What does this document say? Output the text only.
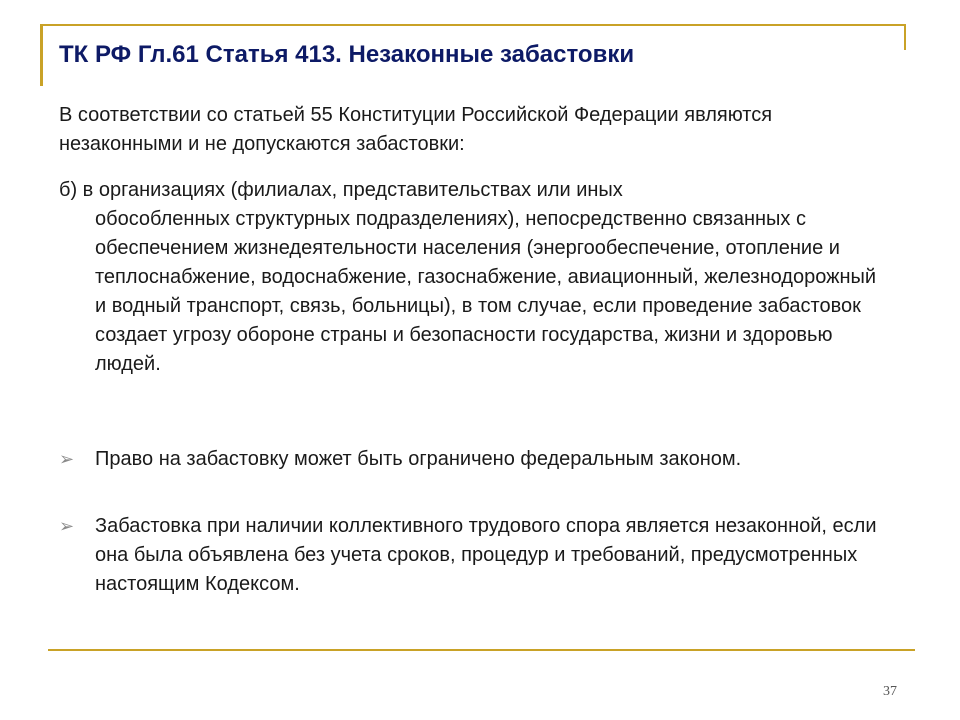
ТК РФ Гл.61 Статья 413. Незаконные забастовки
В соответствии со статьей 55 Конституции Российской Федерации являются незаконными и не допускаются забастовки:
б) в организациях (филиалах, представительствах или иных
обособленных структурных подразделениях), непосредственно связанных с обеспечением жизнедеятельности населения (энергообеспечение, отопление и теплоснабжение, водоснабжение, газоснабжение, авиационный, железнодорожный и водный транспорт, связь, больницы), в том случае, если проведение забастовок создает угрозу обороне страны и безопасности государства, жизни и здоровью людей.
➢	Право на забастовку может быть ограничено федеральным законом.
➢	Забастовка при наличии коллективного трудового спора является незаконной, если она была объявлена без учета сроков, процедур и требований, предусмотренных настоящим Кодексом.
37
